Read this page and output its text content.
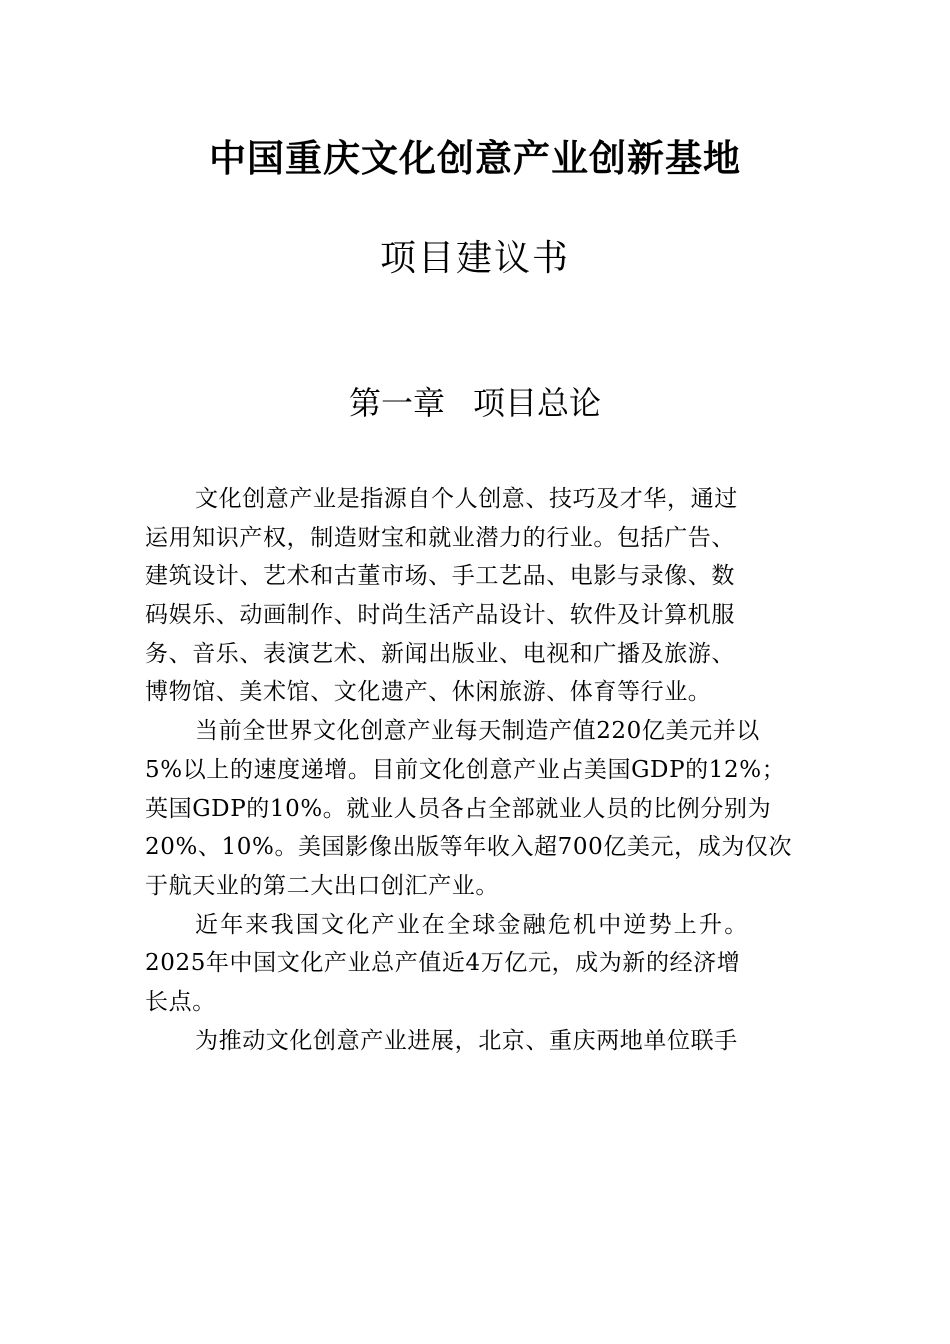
中国重庆文化创意产业创新基地
项目建议书
第一章 项目总论

文化创意产业是指源自个人创意、技巧及才华，通过
运用知识产权，制造财宝和就业潜力的行业。包括广告、
建筑设计、艺术和古董市场、手工艺品、电影与录像、数
码娱乐、动画制作、时尚生活产品设计、软件及计算机服
务、音乐、表演艺术、新闻出版业、电视和广播及旅游、
博物馆、美术馆、文化遗产、休闲旅游、体育等行业。

当前全世界文化创意产业每天制造产值220亿美元并以
5%以上的速度递增。目前文化创意产业占美国GDP的12%；
英国GDP的10%。就业人员各占全部就业人员的比例分别为
20%、10%。美国影像出版等年收入超700亿美元，成为仅次
于航天业的第二大出口创汇产业。

近年来我国文化产业在全球金融危机中逆势上升。
2025年中国文化产业总产值近4万亿元，成为新的经济增
长点。

为推动文化创意产业进展，北京、重庆两地单位联手
